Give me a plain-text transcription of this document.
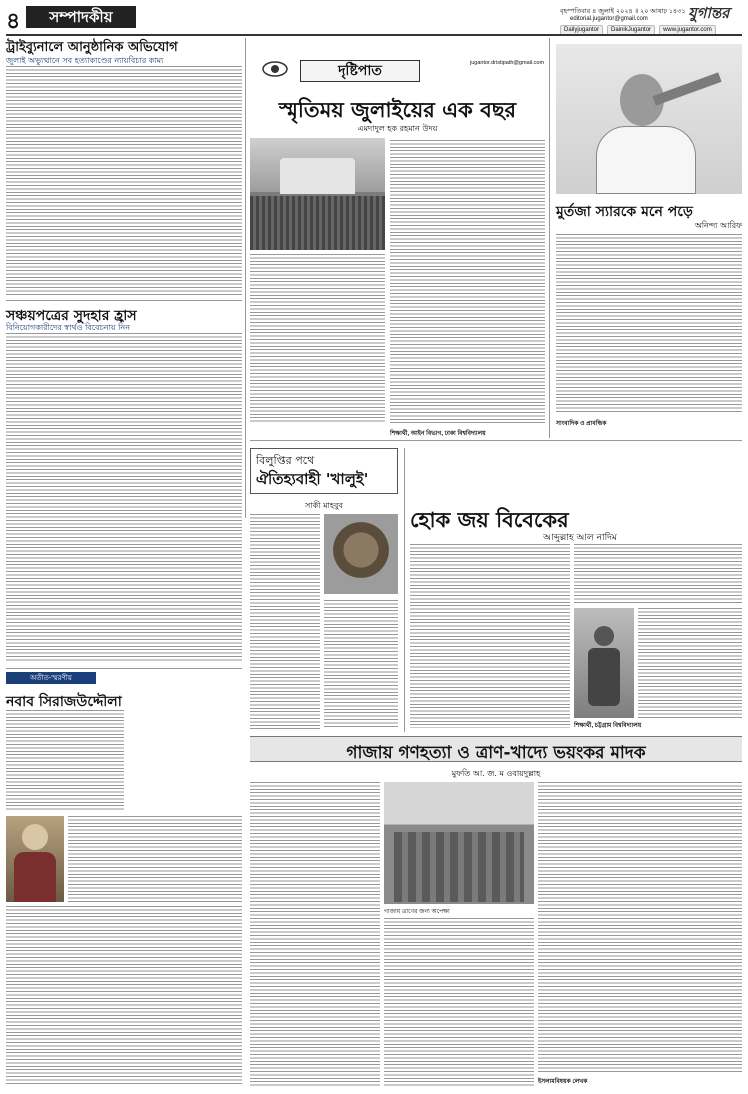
৪	সম্পাদকীয়	বৃহস্পতিবার ৪ জুলাই ২০২৪ ॥ ২০ আষাঢ় ১৪৩১ যুগান্তর
editorial.jugantor@gmail.com
Dailyjugantor	DainikJugantor	www.jugantor.com
ট্রাইব্যুনালে আনুষ্ঠানিক অভিযোগ
জুলাই অভ্যুত্থানে সব হত্যাকাণ্ডের ন্যায়বিচার কাম্য
সঞ্চয়পত্রের সুদহার হ্রাস
বিনিয়োগকারীদের স্বার্থও বিবেচনায় নিন
অতীত-স্মরণীয়
নবাব সিরাজউদ্দৌলা
দৃষ্টিপাত	jugantor.dristipath@gmail.com
স্মৃতিময় জুলাইয়ের এক বছর
এমদাদুল হক রহমান উদয়
শিক্ষার্থী, আইন বিভাগ, ঢাকা বিশ্ববিদ্যালয়
মুর্তজা স্যারকে মনে পড়ে
অনিন্দ্য আরিফ
সাংবাদিক ও প্রাবন্ধিক
বিলুপ্তির পথে
ঐতিহ্যবাহী 'খালুই'
সাকী মাহবুব
হোক জয় বিবেকের
আব্দুল্লাহ আল নাদিম
শিক্ষার্থী, চট্টগ্রাম বিশ্ববিদ্যালয়
গাজায় গণহত্যা ও ত্রাণ-খাদ্যে ভয়ংকর মাদক
মুফতি আ. জ. ম ওবায়দুল্লাহ
গাজায় ত্রাণের জন্য অপেক্ষা
ইসলামবিষয়ক লেখক
